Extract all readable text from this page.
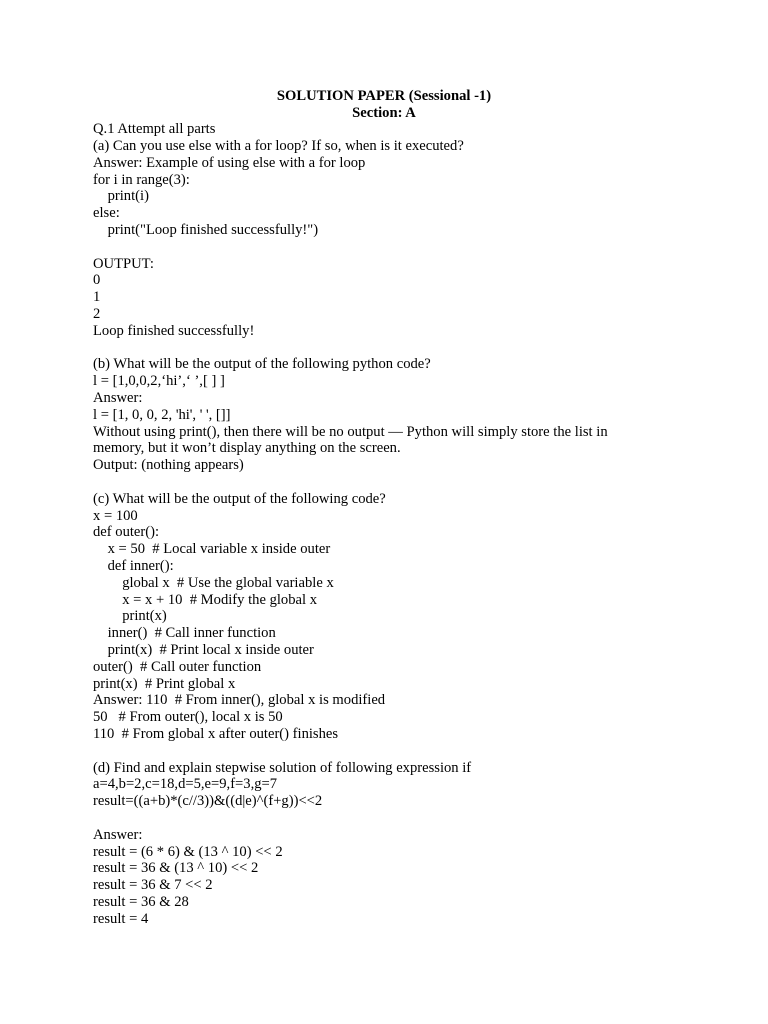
SOLUTION PAPER (Sessional -1)
Section: A
Q.1 Attempt all parts
(a) Can you use else with a for loop? If so, when is it executed?
Answer: Example of using else with a for loop
for i in range(3):
print(i)
else:
print("Loop finished successfully!")
OUTPUT:
0
1
2
Loop finished successfully!
(b) What will be the output of the following python code?
l = [1,0,0,2,‘hi’,‘ ’,[ ] ]
Answer:
l = [1, 0, 0, 2, 'hi', ' ', []]
Without using print(), then there will be no output — Python will simply store the list in
memory, but it won’t display anything on the screen.
Output: (nothing appears)
(c) What will be the output of the following code?
x = 100
def outer():
x = 50  # Local variable x inside outer
def inner():
global x  # Use the global variable x
x = x + 10  # Modify the global x
print(x)
inner()  # Call inner function
print(x)  # Print local x inside outer
outer()  # Call outer function
print(x)  # Print global x
Answer: 110  # From inner(), global x is modified
50   # From outer(), local x is 50
110  # From global x after outer() finishes
(d) Find and explain stepwise solution of following expression if
a=4,b=2,c=18,d=5,e=9,f=3,g=7
result=((a+b)*(c//3))&((d|e)^(f+g))<<2
Answer:
result = (6 * 6) & (13 ^ 10) << 2
result = 36 & (13 ^ 10) << 2
result = 36 & 7 << 2
result = 36 & 28
result = 4
